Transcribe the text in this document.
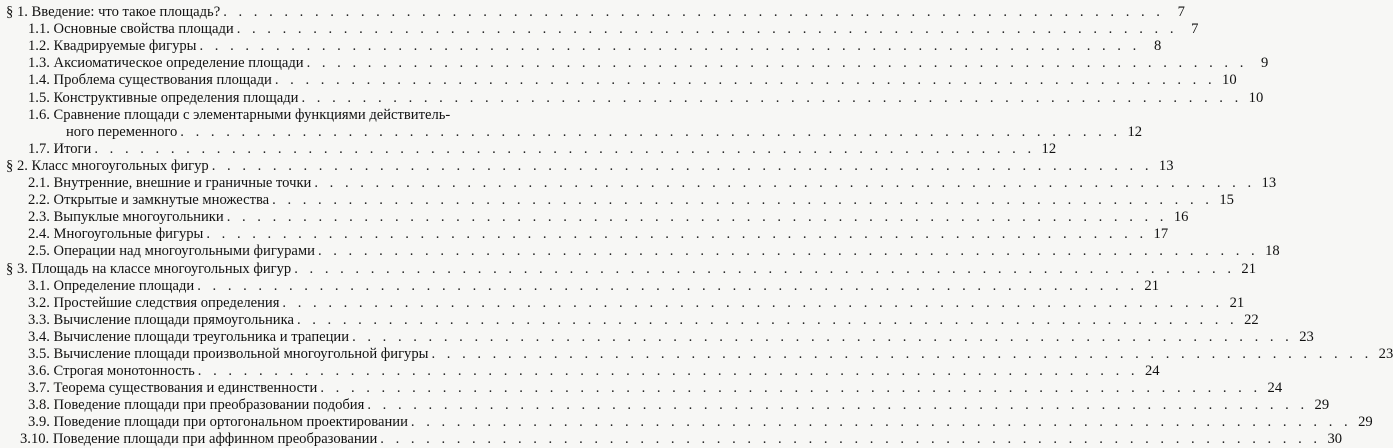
§ 1. Введение: что такое площадь? . . . . . . . . . . . . . . . . . . . . . . . . . . . . . . . . . . . . . . . . . . . . . . . . . . . . . . . . . . . . . . 7
1.1. Основные свойства площади . . . . . . . . . . . . . . . . . . . . . . . . . . . . . . . . . . . . . . . . . . . . . . . . . . . . . . . . . . . . . . 7
1.2. Квадрируемые фигуры . . . . . . . . . . . . . . . . . . . . . . . . . . . . . . . . . . . . . . . . . . . . . . . . . . . . . . . . . . . . . . 8
1.3. Аксиоматическое определение площади . . . . . . . . . . . . . . . . . . . . . . . . . . . . . . . . . . . . . . . . . . . . . . . . . . . . . . . . . . . . . . 9
1.4. Проблема существования площади . . . . . . . . . . . . . . . . . . . . . . . . . . . . . . . . . . . . . . . . . . . . . . . . . . . . . . . . . . . . . . 10
1.5. Конструктивные определения площади . . . . . . . . . . . . . . . . . . . . . . . . . . . . . . . . . . . . . . . . . . . . . . . . . . . . . . . . . . . . . . 10
1.6. Сравнение площади с элементарными функциями действитель-
ного переменного . . . . . . . . . . . . . . . . . . . . . . . . . . . . . . . . . . . . . . . . . . . . . . . . . . . . . . . . . . . . . . 12
1.7. Итоги . . . . . . . . . . . . . . . . . . . . . . . . . . . . . . . . . . . . . . . . . . . . . . . . . . . . . . . . . . . . . . 12
§ 2. Класс многоугольных фигур . . . . . . . . . . . . . . . . . . . . . . . . . . . . . . . . . . . . . . . . . . . . . . . . . . . . . . . . . . . . . . 13
2.1. Внутренние, внешние и граничные точки . . . . . . . . . . . . . . . . . . . . . . . . . . . . . . . . . . . . . . . . . . . . . . . . . . . . . . . . . . . . . . 13
2.2. Открытые и замкнутые множества . . . . . . . . . . . . . . . . . . . . . . . . . . . . . . . . . . . . . . . . . . . . . . . . . . . . . . . . . . . . . . 15
2.3. Выпуклые многоугольники . . . . . . . . . . . . . . . . . . . . . . . . . . . . . . . . . . . . . . . . . . . . . . . . . . . . . . . . . . . . . . 16
2.4. Многоугольные фигуры . . . . . . . . . . . . . . . . . . . . . . . . . . . . . . . . . . . . . . . . . . . . . . . . . . . . . . . . . . . . . . 17
2.5. Операции над многоугольными фигурами . . . . . . . . . . . . . . . . . . . . . . . . . . . . . . . . . . . . . . . . . . . . . . . . . . . . . . . . . . . . . . 18
§ 3. Площадь на классе многоугольных фигур . . . . . . . . . . . . . . . . . . . . . . . . . . . . . . . . . . . . . . . . . . . . . . . . . . . . . . . . . . . . . . 21
3.1. Определение площади . . . . . . . . . . . . . . . . . . . . . . . . . . . . . . . . . . . . . . . . . . . . . . . . . . . . . . . . . . . . . . 21
3.2. Простейшие следствия определения . . . . . . . . . . . . . . . . . . . . . . . . . . . . . . . . . . . . . . . . . . . . . . . . . . . . . . . . . . . . . . 21
3.3. Вычисление площади прямоугольника . . . . . . . . . . . . . . . . . . . . . . . . . . . . . . . . . . . . . . . . . . . . . . . . . . . . . . . . . . . . . . 22
3.4. Вычисление площади треугольника и трапеции . . . . . . . . . . . . . . . . . . . . . . . . . . . . . . . . . . . . . . . . . . . . . . . . . . . . . . . . . . . . . . 23
3.5. Вычисление площади произвольной многоугольной фигуры . . . . . . . . . . . . . . . . . . . . . . . . . . . . . . . . . . . . . . . . . . . . . . . . . . . . . . . . . . . . . . 23
3.6. Строгая монотонность . . . . . . . . . . . . . . . . . . . . . . . . . . . . . . . . . . . . . . . . . . . . . . . . . . . . . . . . . . . . . . 24
3.7. Теорема существования и единственности . . . . . . . . . . . . . . . . . . . . . . . . . . . . . . . . . . . . . . . . . . . . . . . . . . . . . . . . . . . . . . 24
3.8. Поведение площади при преобразовании подобия . . . . . . . . . . . . . . . . . . . . . . . . . . . . . . . . . . . . . . . . . . . . . . . . . . . . . . . . . . . . . . 29
3.9. Поведение площади при ортогональном проектировании . . . . . . . . . . . . . . . . . . . . . . . . . . . . . . . . . . . . . . . . . . . . . . . . . . . . . . . . . . . . . . 29
3.10. Поведение площади при аффинном преобразовании . . . . . . . . . . . . . . . . . . . . . . . . . . . . . . . . . . . . . . . . . . . . . . . . . . . . . . . . . . . . . . 30
